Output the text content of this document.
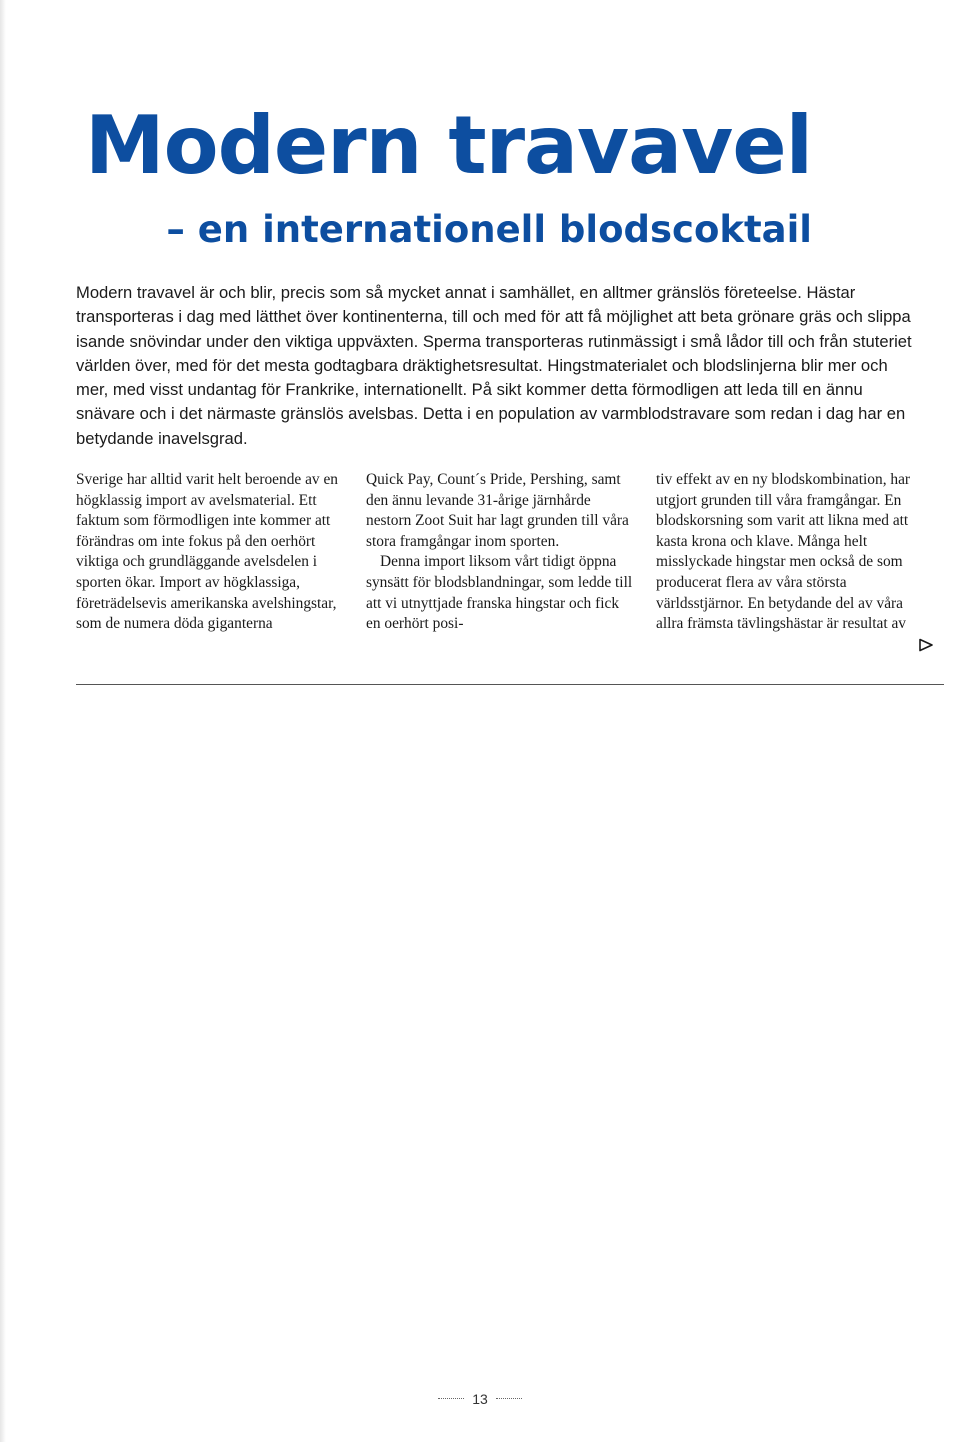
Modern travavel
– en internationell blodscoktail

Modern travavel är och blir, precis som så mycket annat i samhället, en alltmer gränslös företeelse. Hästar transporteras i dag med lätthet över kontinenterna, till och med för att få möjlighet att beta grönare gräs och slippa isande snövindar under den viktiga uppväxten. Sperma transporteras rutinmässigt i små lådor till och från stuteriet världen över, med för det mesta godtagbara dräktighetsresultat. Hingstmaterialet och blodslinjerna blir mer och mer, med visst undantag för Frankrike, internationellt. På sikt kommer detta förmodligen att leda till en ännu snävare och i det närmaste gränslös avelsbas. Detta i en population av varmblodstravare som redan i dag har en betydande inavelsgrad.

Sverige har alltid varit helt beroende av en högklassig import av avelsmaterial. Ett faktum som förmodligen inte kommer att förändras om inte fokus på den oerhört viktiga och grundläggande avelsdelen i sporten ökar. Import av högklassiga, företrädelsevis amerikanska avelshingstar, som de numera döda giganterna

Quick Pay, Count´s Pride, Pershing, samt den ännu levande 31-årige järnhårde nestorn Zoot Suit har lagt grunden till våra stora framgångar inom sporten.

Denna import liksom vårt tidigt öppna synsätt för blodsblandningar, som ledde till att vi utnyttjade franska hingstar och fick en oerhört posi-

tiv effekt av en ny blodskombination, har utgjort grunden till våra framgångar. En blodskorsning som varit att likna med att kasta krona och klave. Många helt misslyckade hingstar men också de som producerat flera av våra största världsstjärnor. En betydande del av våra allra främsta tävlingshästar är resultat av

13
